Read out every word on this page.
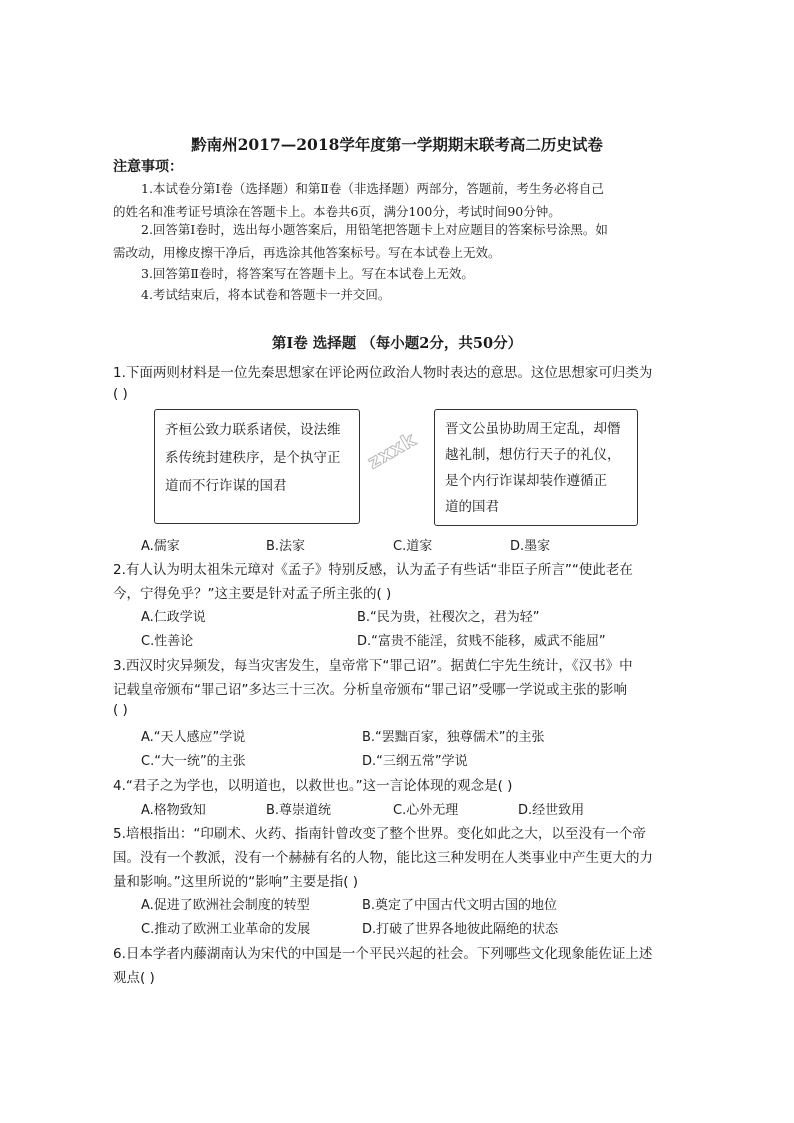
黔南州2017—2018学年度第一学期期末联考高二历史试卷
注意事项：
1.本试卷分第Ⅰ卷（选择题）和第Ⅱ卷（非选择题）两部分，答题前，考生务必将自己
的姓名和准考证号填涂在答题卡上。本卷共6页，满分100分，考试时间90分钟。
2.回答第Ⅰ卷时，选出每小题答案后，用铅笔把答题卡上对应题目的答案标号涂黑。如
需改动，用橡皮擦干净后，再选涂其他答案标号。写在本试卷上无效。
3.回答第Ⅱ卷时，将答案写在答题卡上。写在本试卷上无效。
4.考试结束后，将本试卷和答题卡一并交回。
第Ⅰ卷 选择题 （每小题2分，共50分）
1.下面两则材料是一位先秦思想家在评论两位政治人物时表达的意思。这位思想家可归类为
( )
齐桓公致力联系诸侯，设法维
系传统封建秩序，是个执守正
道而不行诈谋的国君
晋文公虽协助周王定乱，却僭
越礼制，想仿行天子的礼仪，
是个内行诈谋却装作遵循正
道的国君
zxxk
A.儒家	B.法家	C.道家	D.墨家
2.有人认为明太祖朱元璋对《孟子》特别反感，认为孟子有些话“非臣子所言”“使此老在
今，宁得免乎？”这主要是针对孟子所主张的( )
A.仁政学说	B.“民为贵，社稷次之，君为轻”
C.性善论	D.“富贵不能淫，贫贱不能移，威武不能屈”
3.西汉时灾异频发，每当灾害发生，皇帝常下“罪己诏”。据黄仁宇先生统计，《汉书》中
记载皇帝颁布“罪己诏”多达三十三次。分析皇帝颁布“罪己诏”受哪一学说或主张的影响
( )
A.“天人感应”学说	B.“罢黜百家，独尊儒术”的主张
C.“大一统”的主张	D.“三纲五常”学说
4.“君子之为学也，以明道也，以救世也。”这一言论体现的观念是( )
A.格物致知	B.尊崇道统	C.心外无理	D.经世致用
5.培根指出：“印刷术、火药、指南针曾改变了整个世界。变化如此之大，以至没有一个帝
国。没有一个教派，没有一个赫赫有名的人物，能比这三种发明在人类事业中产生更大的力
量和影响。”这里所说的“影响”主要是指( )
A.促进了欧洲社会制度的转型	B.奠定了中国古代文明古国的地位
C.推动了欧洲工业革命的发展	D.打破了世界各地彼此隔绝的状态
6.日本学者内藤湖南认为宋代的中国是一个平民兴起的社会。下列哪些文化现象能佐证上述
观点( )
